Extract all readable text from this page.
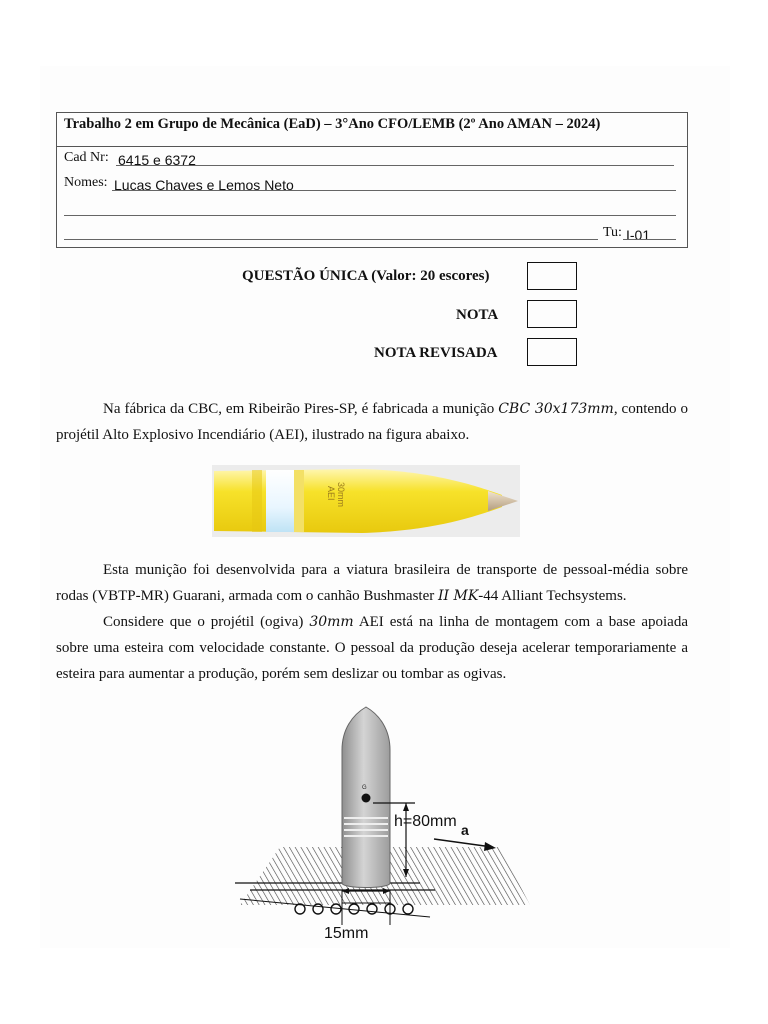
Trabalho 2 em Grupo de Mecânica (EaD) – 3°Ano CFO/LEMB (2º Ano AMAN – 2024)
Cad Nr: 6415 e 6372
Nomes: Lucas Chaves e Lemos Neto
Tu: I-01
QUESTÃO ÚNICA (Valor: 20 escores)
NOTA
NOTA REVISADA

Na fábrica da CBC, em Ribeirão Pires-SP, é fabricada a munição CBC 30x173mm, contendo o projétil Alto Explosivo Incendiário (AEI), ilustrado na figura abaixo.

30mm
AEI

Esta munição foi desenvolvida para a viatura brasileira de transporte de pessoal-média sobre rodas (VBTP-MR) Guarani, armada com o canhão Bushmaster II MK-44 Alliant Techsystems.

Considere que o projétil (ogiva) 30mm AEI está na linha de montagem com a base apoiada sobre uma esteira com velocidade constante. O pessoal da produção deseja acelerar temporariamente a esteira para aumentar a produção, porém sem deslizar ou tombar as ogivas.

G
h=80mm a
15mm
